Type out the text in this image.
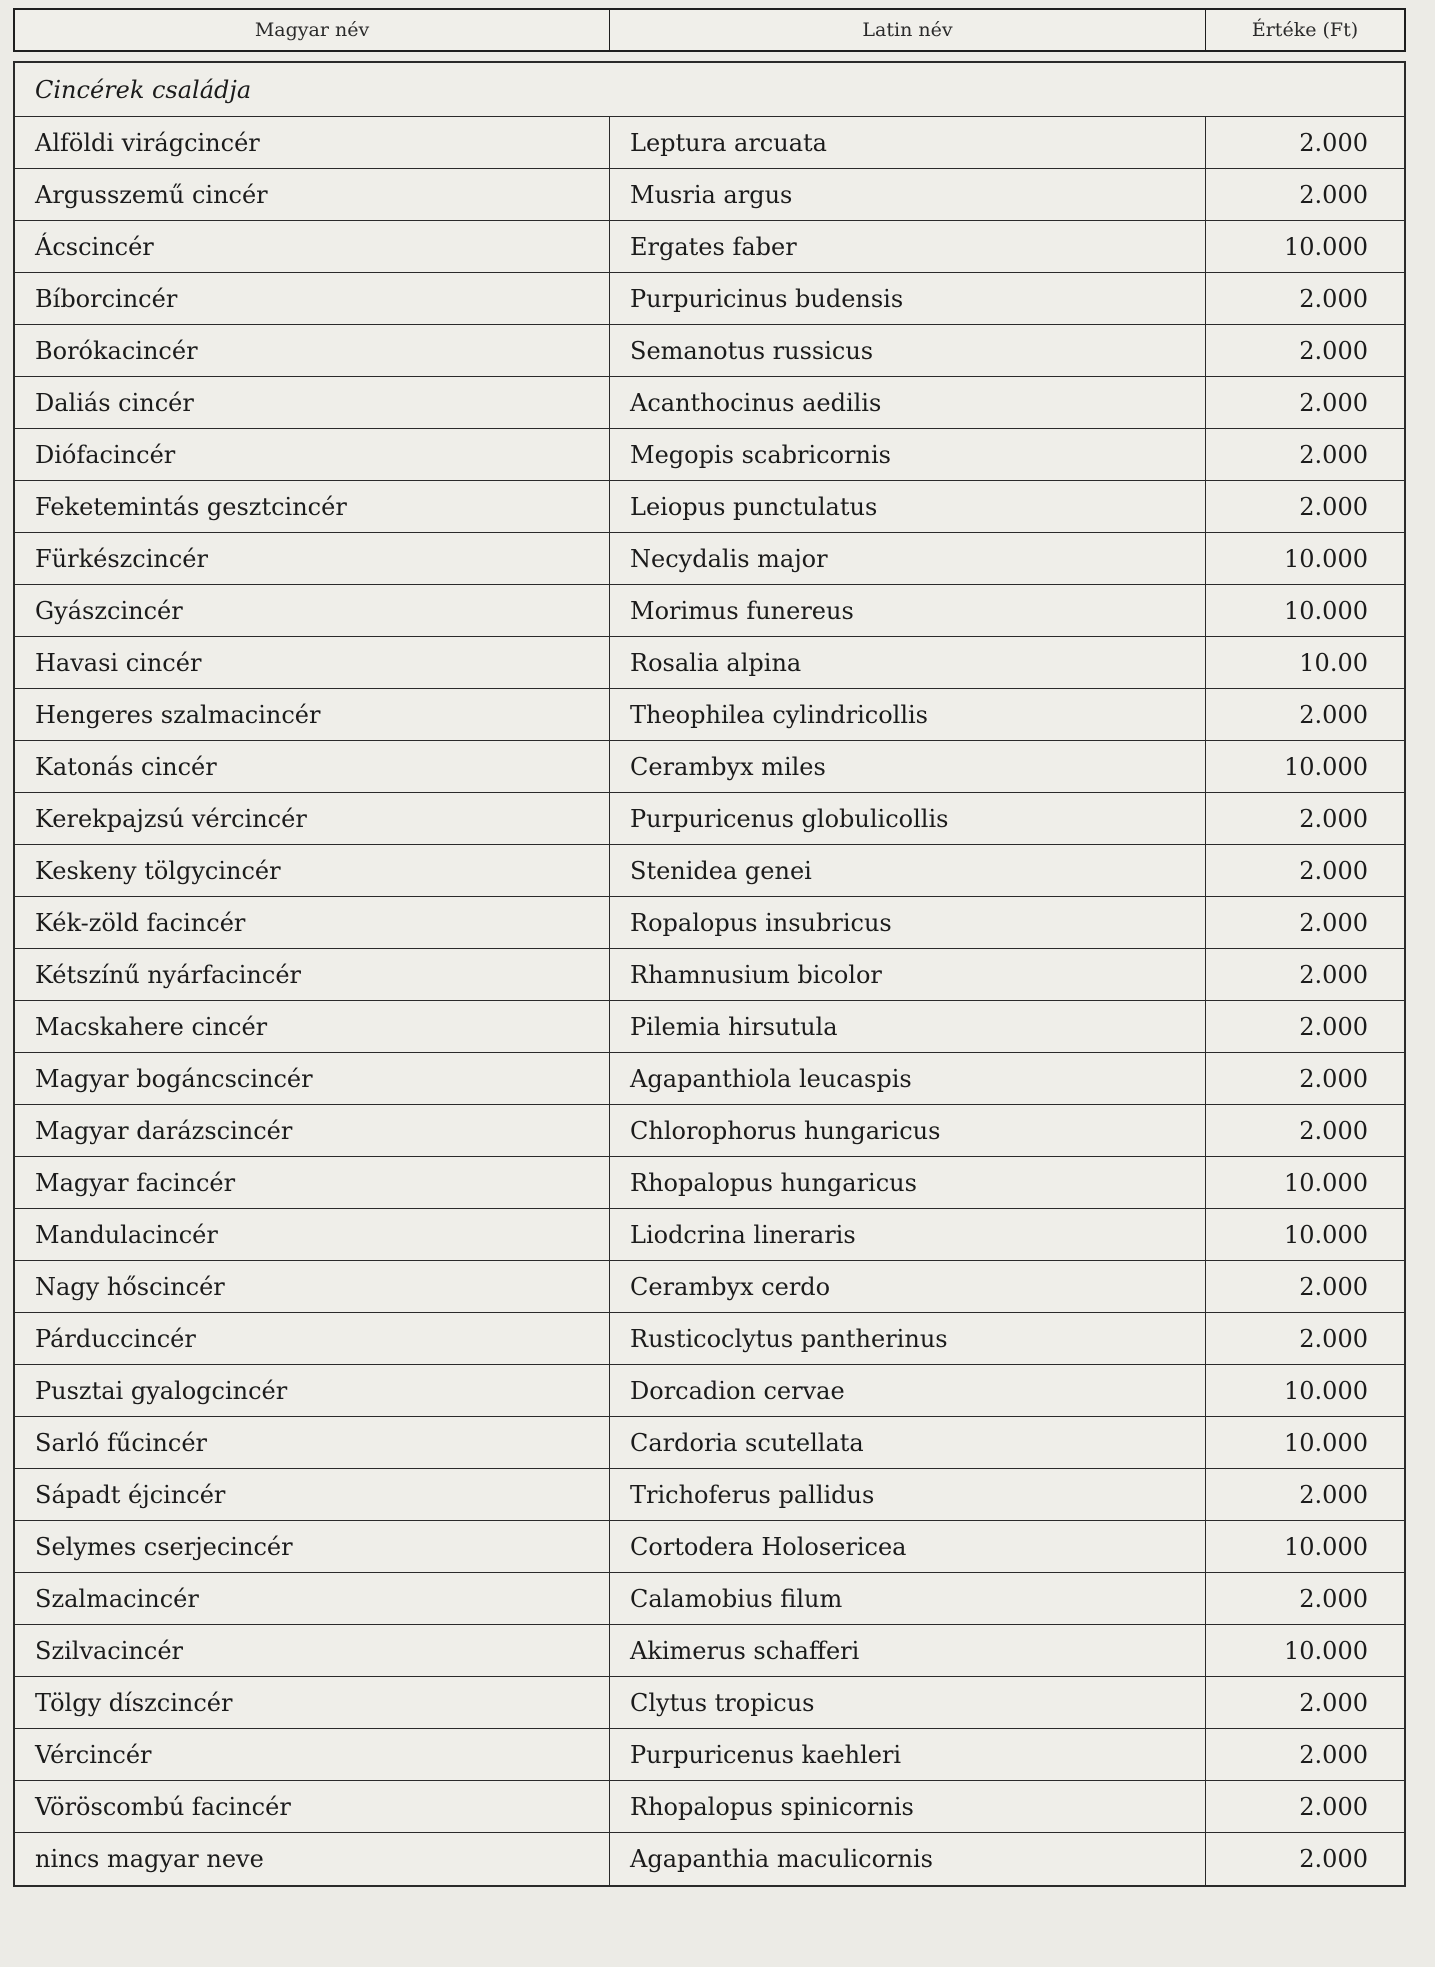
Magyar név	Latin név	Értéke (Ft)
Cincérek családja
Alföldi virágcincér	Leptura arcuata	2.000
Argusszemű cincér	Musria argus	2.000
Ácscincér	Ergates faber	10.000
Bíborcincér	Purpuricinus budensis	2.000
Borókacincér	Semanotus russicus	2.000
Daliás cincér	Acanthocinus aedilis	2.000
Diófacincér	Megopis scabricornis	2.000
Feketemintás gesztcincér	Leiopus punctulatus	2.000
Fürkészcincér	Necydalis major	10.000
Gyászcincér	Morimus funereus	10.000
Havasi cincér	Rosalia alpina	10.00
Hengeres szalmacincér	Theophilea cylindricollis	2.000
Katonás cincér	Cerambyx miles	10.000
Kerekpajzsú vércincér	Purpuricenus globulicollis	2.000
Keskeny tölgycincér	Stenidea genei	2.000
Kék-zöld facincér	Ropalopus insubricus	2.000
Kétszínű nyárfacincér	Rhamnusium bicolor	2.000
Macskahere cincér	Pilemia hirsutula	2.000
Magyar bogáncscincér	Agapanthiola leucaspis	2.000
Magyar darázscincér	Chlorophorus hungaricus	2.000
Magyar facincér	Rhopalopus hungaricus	10.000
Mandulacincér	Liodcrina lineraris	10.000
Nagy hőscincér	Cerambyx cerdo	2.000
Párduccincér	Rusticoclytus pantherinus	2.000
Pusztai gyalogcincér	Dorcadion cervae	10.000
Sarló fűcincér	Cardoria scutellata	10.000
Sápadt éjcincér	Trichoferus pallidus	2.000
Selymes cserjecincér	Cortodera Holosericea	10.000
Szalmacincér	Calamobius filum	2.000
Szilvacincér	Akimerus schafferi	10.000
Tölgy díszcincér	Clytus tropicus	2.000
Vércincér	Purpuricenus kaehleri	2.000
Vöröscombú facincér	Rhopalopus spinicornis	2.000
nincs magyar neve	Agapanthia maculicornis	2.000
